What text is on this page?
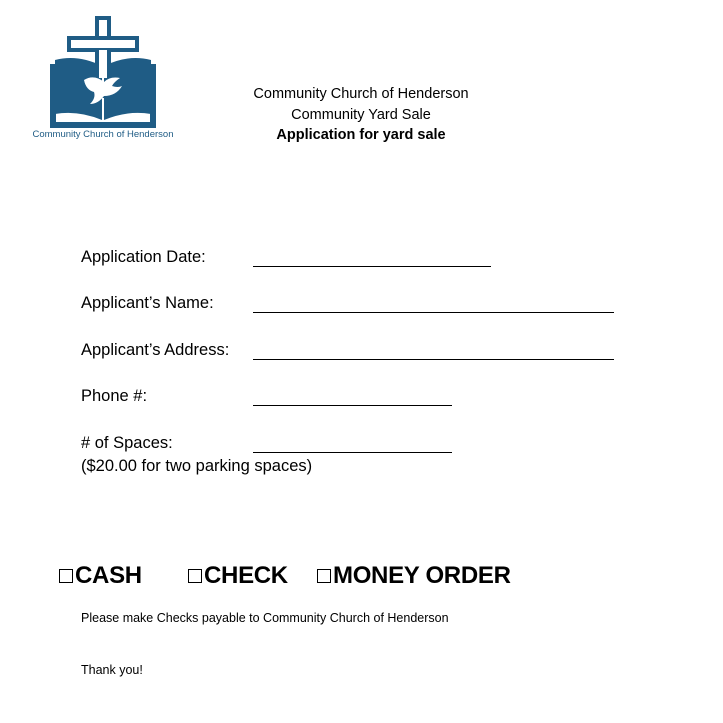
Community Church of Henderson
Community Church of Henderson
Community Yard Sale
Application for yard sale
Application Date:
Applicant’s Name:
Applicant’s Address:
Phone #:
# of Spaces:
($20.00 for two parking spaces)
CASH	CHECK MONEY ORDER
Please make Checks payable to Community Church of Henderson
Thank you!
